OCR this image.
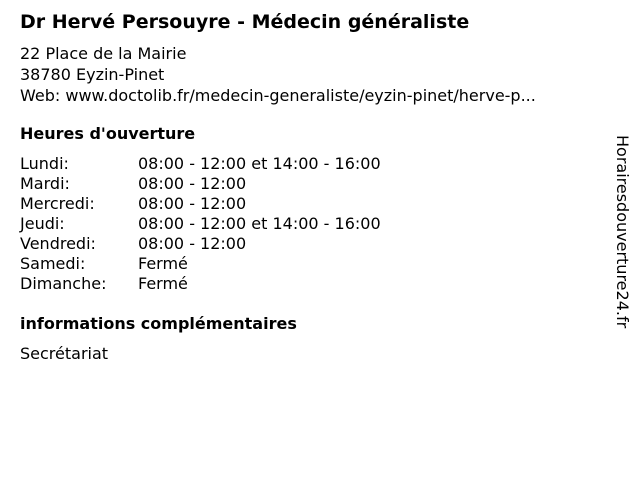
Dr Hervé Persouyre - Médecin généraliste
22 Place de la Mairie
38780 Eyzin-Pinet
Web: www.doctolib.fr/medecin-generaliste/eyzin-pinet/herve-p...
Heures d'ouverture
Lundi:	08:00 - 12:00 et 14:00 - 16:00
Mardi:	08:00 - 12:00
Mercredi:	08:00 - 12:00
Jeudi:	08:00 - 12:00 et 14:00 - 16:00
Vendredi:	08:00 - 12:00
Samedi:	Fermé
Dimanche: Fermé
informations complémentaires
Secrétariat
Horairesdouverture24.fr
